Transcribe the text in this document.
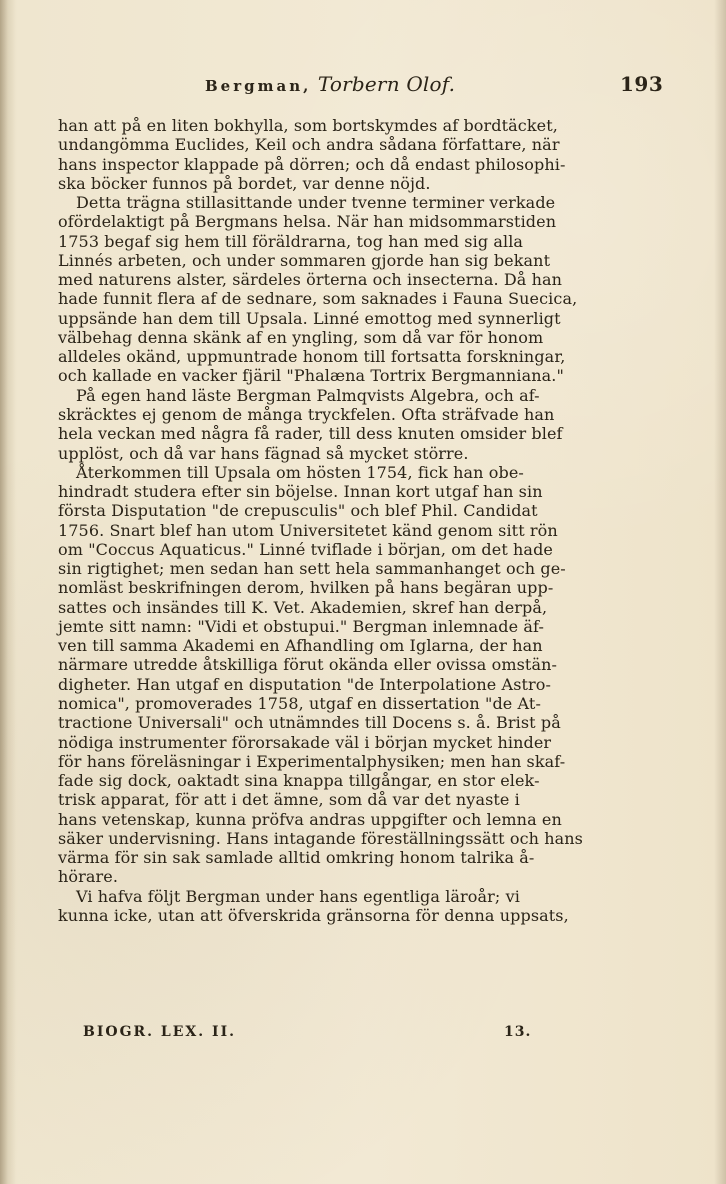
Bergman, Torbern Olof.	193
han att på en liten bokhylla, som bortskymdes af bordtäcket,
undangömma Euclides, Keil och andra sådana författare, när
hans inspector klappade på dörren; och då endast philosophi-
ska böcker funnos på bordet, var denne nöjd.
Detta trägna stillasittande under tvenne terminer verkade
ofördelaktigt på Bergmans helsa. När han midsommarstiden
1753 begaf sig hem till föräldrarna, tog han med sig alla
Linnés arbeten, och under sommaren gjorde han sig bekant
med naturens alster, särdeles örterna och insecterna. Då han
hade funnit flera af de sednare, som saknades i Fauna Suecica,
uppsände han dem till Upsala. Linné emottog med synnerligt
välbehag denna skänk af en yngling, som då var för honom
alldeles okänd, uppmuntrade honom till fortsatta forskningar,
och kallade en vacker fjäril "Phalæna Tortrix Bergmanniana."
På egen hand läste Bergman Palmqvists Algebra, och af-
skräcktes ej genom de många tryckfelen. Ofta sträfvade han
hela veckan med några få rader, till dess knuten omsider blef
upplöst, och då var hans fägnad så mycket större.
Återkommen till Upsala om hösten 1754, fick han obe-
hindradt studera efter sin böjelse. Innan kort utgaf han sin
första Disputation "de crepusculis" och blef Phil. Candidat
1756. Snart blef han utom Universitetet känd genom sitt rön
om "Coccus Aquaticus." Linné tviflade i början, om det hade
sin rigtighet; men sedan han sett hela sammanhanget och ge-
nomläst beskrifningen derom, hvilken på hans begäran upp-
sattes och insändes till K. Vet. Akademien, skref han derpå,
jemte sitt namn: "Vidi et obstupui." Bergman inlemnade äf-
ven till samma Akademi en Afhandling om Iglarna, der han
närmare utredde åtskilliga förut okända eller ovissa omstän-
digheter. Han utgaf en disputation "de Interpolatione Astro-
nomica", promoverades 1758, utgaf en dissertation "de At-
tractione Universali" och utnämndes till Docens s. å. Brist på
nödiga instrumenter förorsakade väl i början mycket hinder
för hans föreläsningar i Experimentalphysiken; men han skaf-
fade sig dock, oaktadt sina knappa tillgångar, en stor elek-
trisk apparat, för att i det ämne, som då var det nyaste i
hans vetenskap, kunna pröfva andras uppgifter och lemna en
säker undervisning. Hans intagande föreställningssätt och hans
värma för sin sak samlade alltid omkring honom talrika å-
hörare.
Vi hafva följt Bergman under hans egentliga läroår; vi
kunna icke, utan att öfverskrida gränsorna för denna uppsats,
BIOGR. LEX. II.	13.
